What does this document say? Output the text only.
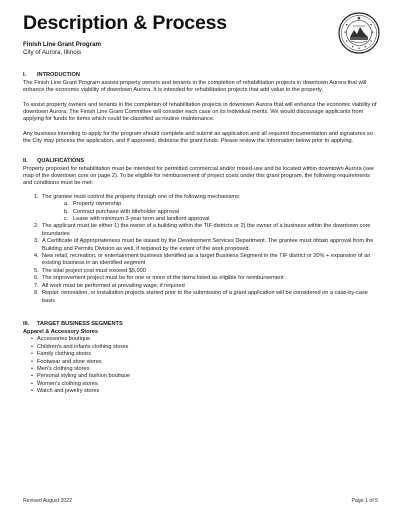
Description & Process
Finish Line Grant Program
City of Aurora, Illinois
I. INTRODUCTION

The Finish Line Grant Program assists property owners and tenants in the completion of rehabilitation projects in downtown Aurora that will enhance the economic viability of downtown Aurora. It is intended for rehabilitation projects that add value to the property.

To assist property owners and tenants in the completion of rehabilitation projects in downtown Aurora that will enhance the economic viability of downtown Aurora. The Finish Line Grant Committee will consider each case on its individual merits. We would discourage applicants from applying for funds for items which could be classified as routine maintenance.

Any business intending to apply for the program should complete and submit an application and all required documentation and signatures so the City may process the application, and if approved, disburse the grant funds. Please review the information below prior to applying.

II. QUALIFICATIONS
Property proposed for rehabilitation must be intended for permitted commercial and/or mixed-use and be located within downtown Aurora (see map of the downtown core on page 2). To be eligible for reimbursement of project costs under this grant program, the following requirements and conditions must be met:
1. The grantee must control the property through one of the following mechanisms:
a. Property ownership
b. Contract purchase with titleholder approval
c. Lease with minimum 3-year term and landlord approval
2. The applicant must be either 1) the owner of a building within the TIF districts or 2) the owner of a business within the downtown core boundaries
3. A Certificate of Appropriateness must be issued by the Development Services Department. The grantee must obtain approval from the Building and Permits Division as well, if required by the extent of the work proposed.
4. New retail, recreation, or entertainment business identified as a target Business Segment in the TIF district or 20% + expansion of an existing business in an identified segment
5. The total project cost must exceed $5,000
6. The improvement project must be for one or more of the items listed as eligible for reimbursement
7. All work must be performed at prevailing wage, if required
8. Repair, renovation, or installation projects started prior to the submission of a grant application will be considered on a case-by-case basis
III. TARGET BUSINESS SEGMENTS
Apparel & Accessory Stores
• Accessories boutique
• Children's and infants clothing stores
• Family clothing stores
• Footwear and shoe stores
• Men's clothing stores
• Personal styling and fashion boutique
• Women's clothing stores
• Watch and jewelry stores
Revised August 2022	Page 1 of 5
